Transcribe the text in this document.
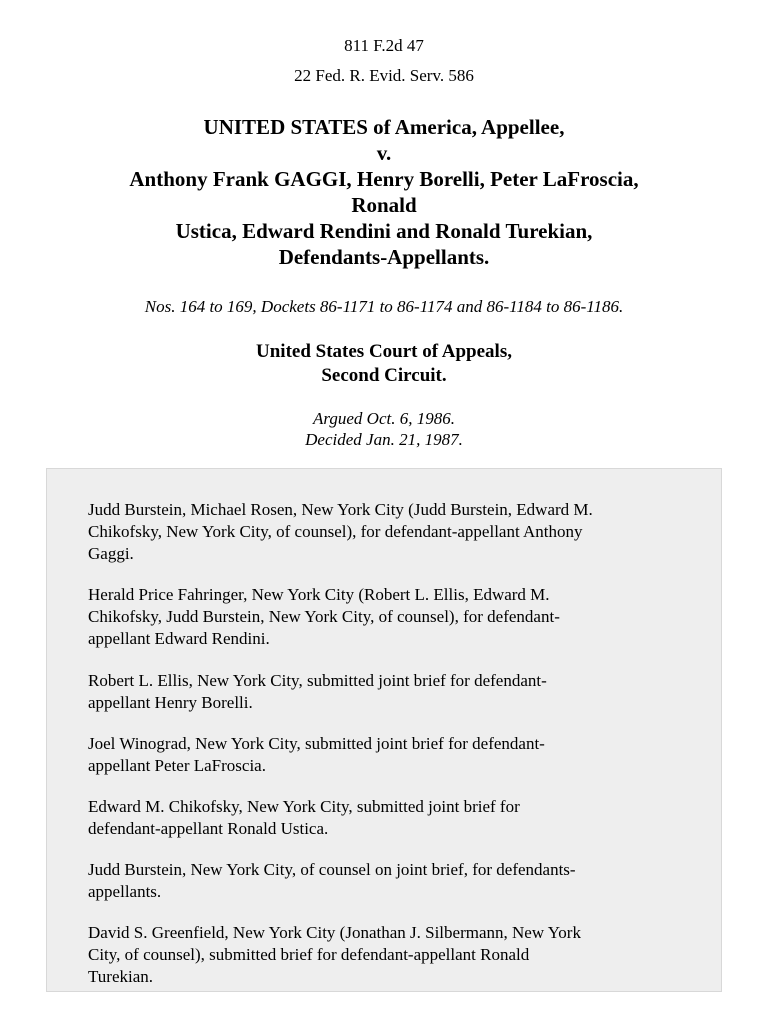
811 F.2d 47
22 Fed. R. Evid. Serv. 586
UNITED STATES of America, Appellee,
v.
Anthony Frank GAGGI, Henry Borelli, Peter LaFroscia,
Ronald
Ustica, Edward Rendini and Ronald Turekian,
Defendants-Appellants.
Nos. 164 to 169, Dockets 86-1171 to 86-1174 and 86-1184 to 86-1186.
United States Court of Appeals,
Second Circuit.
Argued Oct. 6, 1986.
Decided Jan. 21, 1987.

Judd Burstein, Michael Rosen, New York City (Judd Burstein, Edward M.
Chikofsky, New York City, of counsel), for defendant-appellant Anthony
Gaggi.

Herald Price Fahringer, New York City (Robert L. Ellis, Edward M.
Chikofsky, Judd Burstein, New York City, of counsel), for defendant-
appellant Edward Rendini.

Robert L. Ellis, New York City, submitted joint brief for defendant-
appellant Henry Borelli.

Joel Winograd, New York City, submitted joint brief for defendant-
appellant Peter LaFroscia.

Edward M. Chikofsky, New York City, submitted joint brief for
defendant-appellant Ronald Ustica.

Judd Burstein, New York City, of counsel on joint brief, for defendants-
appellants.

David S. Greenfield, New York City (Jonathan J. Silbermann, New York
City, of counsel), submitted brief for defendant-appellant Ronald
Turekian.
